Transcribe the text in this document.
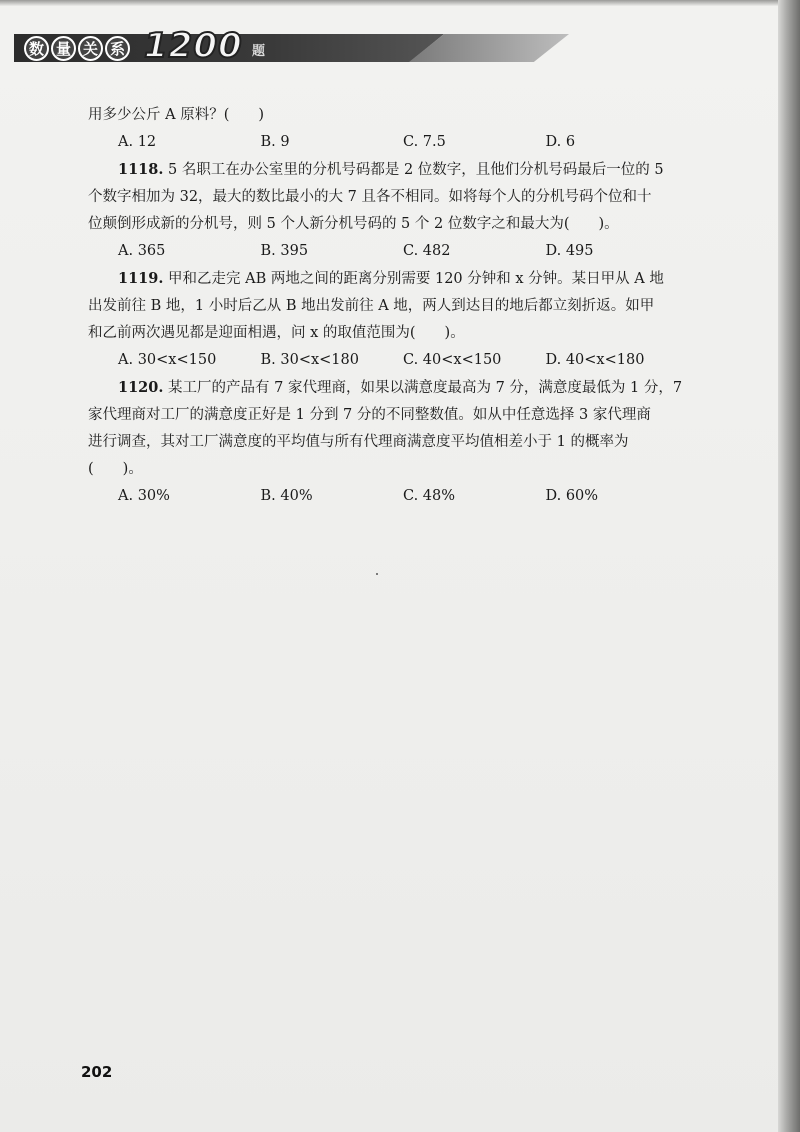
数 量 关 系 1200 题
用多少公斤 A 原料？(　　)
A. 12	B. 9	C. 7.5	D. 6
1118. 5 名职工在办公室里的分机号码都是 2 位数字，且他们分机号码最后一位的 5
个数字相加为 32，最大的数比最小的大 7 且各不相同。如将每个人的分机号码个位和十
位颠倒形成新的分机号，则 5 个人新分机号码的 5 个 2 位数字之和最大为(　　)。
A. 365	B. 395	C. 482	D. 495
1119. 甲和乙走完 AB 两地之间的距离分别需要 120 分钟和 x 分钟。某日甲从 A 地
出发前往 B 地，1 小时后乙从 B 地出发前往 A 地，两人到达目的地后都立刻折返。如甲
和乙前两次遇见都是迎面相遇，问 x 的取值范围为(　　)。
A. 30<x<150	B. 30<x<180	C. 40<x<150	D. 40<x<180
1120. 某工厂的产品有 7 家代理商，如果以满意度最高为 7 分，满意度最低为 1 分，7
家代理商对工厂的满意度正好是 1 分到 7 分的不同整数值。如从中任意选择 3 家代理商
进行调查，其对工厂满意度的平均值与所有代理商满意度平均值相差小于 1 的概率为
(　　)。
A. 30%	B. 40%	C. 48%	D. 60%
202
